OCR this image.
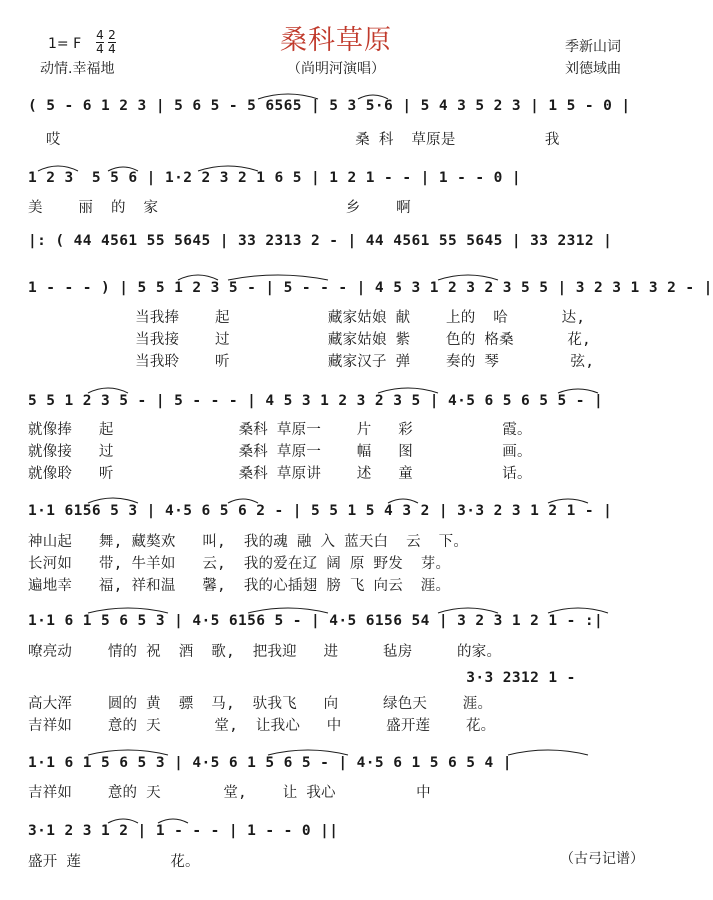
桑科草原
1= F $\frac{4}{4} \frac{2}{4}$
动情.幸福地	（尚明河演唱）
季新山词
刘德域曲
( 5 - 6 1 2 3 | 5 6 5 - 5 6565 | 5 3 5·6 | 5 4 3 5 2 3 | 1 5 - 0 |
哎                                 桑 科  草原是          我
1 2 3  5 5 6 | 1·2 2 3 2 1 6 5 | 1 2 1 - - | 1 - - 0 |
美    丽  的  家                     乡    啊
|: ( 44 4561 55 5645 | 33 2313 2 - | 44 4561 55 5645 | 33 2312 |
1 - - - ) | 5 5 1 2 3 5 - | 5 - - - | 4 5 3 1 2 3 2 3 5 5 | 3 2 3 1 3 2 - |
当我捧    起           藏家姑娘 献    上的  哈      达,
当我接    过           藏家姑娘 紫    色的 格桑      花,
当我聆    听           藏家汉子 弹    奏的 琴        弦,
5 5 1 2 3 5 - | 5 - - - | 4 5 3 1 2 3 2 3 5 | 4·5 6 5 6 5 5 - |
就像捧   起              桑科 草原一    片   彩          霞。
就像接   过              桑科 草原一    幅   图          画。
就像聆   听              桑科 草原讲    述   童          话。
1·1 6156 5 3 | 4·5 6 5 6 2 - | 5 5 1 5 4 3 2 | 3·3 2 3 1 2 1 - |
神山起   舞, 藏獒欢   叫,  我的魂 融 入 蓝天白  云  下。
长河如   带, 牛羊如   云,  我的爱在辽 阔 原 野发  芽。
遍地幸   福, 祥和温   馨,  我的心插翅 膀 飞 向云  涯。
1·1 6 1 5 6 5 3 | 4·5 6156 5 - | 4·5 6156 54 | 3 2 3 1 2 1 - :|
嘹亮动    情的 祝  酒  歌,  把我迎   进     毡房     的家。
3·3 2312 1 -
高大浑    圆的 黄  骠  马,  驮我飞   向     绿色天    涯。
吉祥如    意的 天      堂,  让我心   中     盛开莲    花。
1·1 6 1 5 6 5 3 | 4·5 6 1 5 6 5 - | 4·5 6 1 5 6 5 4 |
吉祥如    意的 天       堂,    让 我心         中
3·1 2 3 1 2 | 1 - - - | 1 - - 0 ||
盛开 莲          花。	（古弓记谱）
